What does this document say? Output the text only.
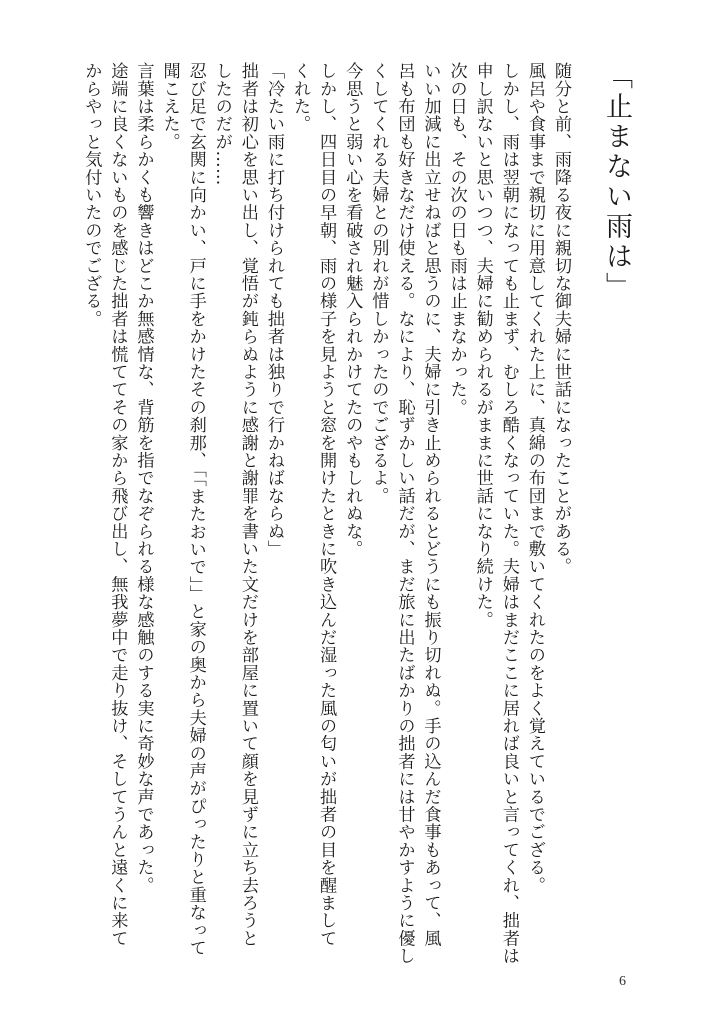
「止まない雨は」
随分と前、雨降る夜に親切な御夫婦に世話になったことがある。
風呂や食事まで親切に用意してくれた上に、真綿の布団まで敷いてくれたのをよく覚えているでござる。
しかし、雨は翌朝になっても止まず、むしろ酷くなっていた。夫婦はまだここに居れば良いと言ってくれ、拙者は
申し訳ないと思いつつ、夫婦に勧められるがままに世話になり続けた。
次の日も、その次の日も雨は止まなかった。
いい加減に出立せねばと思うのに、夫婦に引き止められるとどうにも振り切れぬ。手の込んだ食事もあって、風
呂も布団も好きなだけ使える。なにより、恥ずかしい話だが、まだ旅に出たばかりの拙者には甘やかすように優し
くしてくれる夫婦との別れが惜しかったのでござるよ。
今思うと弱い心を看破され魅入られかけてたのやもしれぬな。
しかし、四日目の早朝、雨の様子を見ようと窓を開けたときに吹き込んだ湿った風の匂いが拙者の目を醒まして
くれた。
「冷たい雨に打ち付けられても拙者は独りで行かねばならぬ」
拙者は初心を思い出し、覚悟が鈍らぬように感謝と謝罪を書いた文だけを部屋に置いて顔を見ずに立ち去ろうと
したのだが……
忍び足で玄関に向かい、戸に手をかけたその刹那、「「またおいで」」と家の奥から夫婦の声がぴったりと重なって
聞こえた。
言葉は柔らかくも響きはどこか無感情な、背筋を指でなぞられる様な感触のする実に奇妙な声であった。
途端に良くないものを感じた拙者は慌ててその家から飛び出し、無我夢中で走り抜け、そしてうんと遠くに来て
からやっと気付いたのでござる。
6
